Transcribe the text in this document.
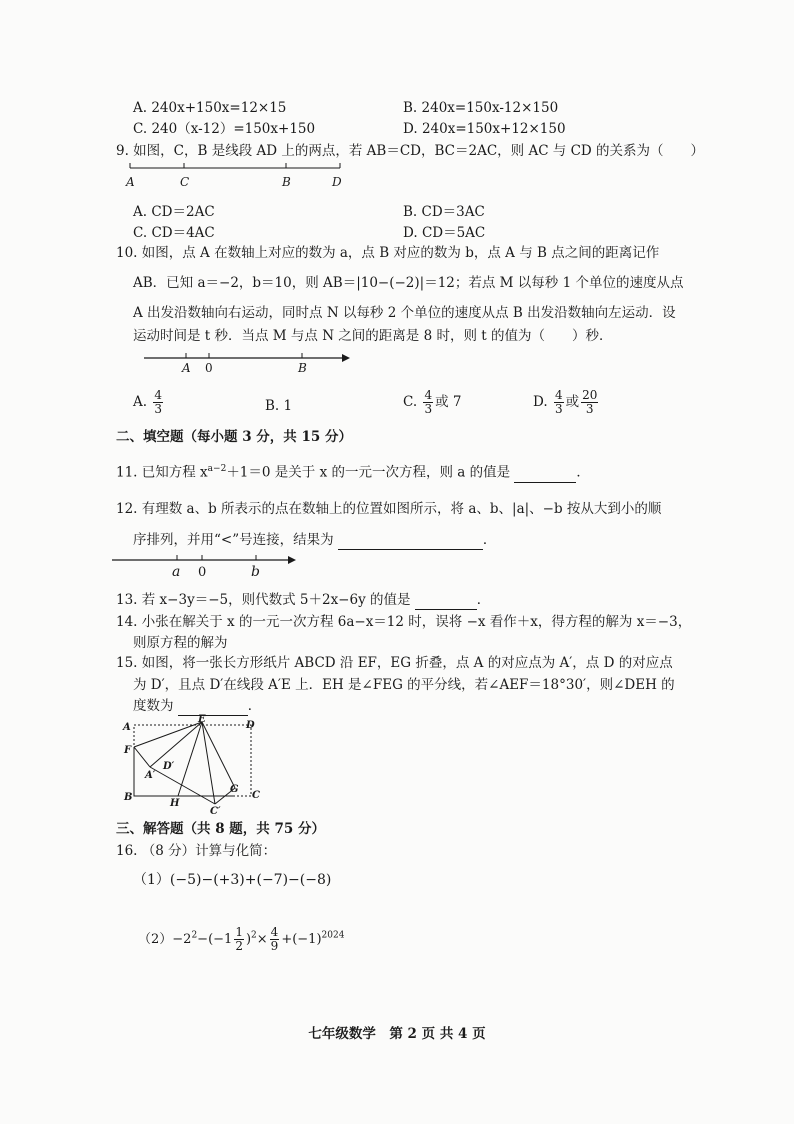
A. 240x+150x=12×15	B. 240x=150x-12×150
C. 240（x-12）=150x+150	D. 240x=150x+12×150
9. 如图，C，B 是线段 AD 上的两点，若 AB＝CD，BC＝2AC，则 AC 与 CD 的关系为（　　）
A	C	B	D
A. CD＝2AC	B. CD＝3AC
C. CD＝4AC	D. CD＝5AC
10. 如图，点 A 在数轴上对应的数为 a，点 B 对应的数为 b，点 A 与 B 点之间的距离记作
AB．已知 a＝−2，b＝10，则 AB＝|10−(−2)|＝12；若点 M 以每秒 1 个单位的速度从点
A 出发沿数轴向右运动，同时点 N 以每秒 2 个单位的速度从点 B 出发沿数轴向左运动．设
运动时间是 t 秒．当点 M 与点 N 之间的距离是 8 时，则 t 的值为（　　）秒．
A 0	B
A. $\frac{4}{3}$	B. 1	C. $\frac{4}{3}$ 或 7	D. $\frac{4}{3}$ 或 $\frac{20}{3}$
二、填空题（每小题 3 分，共 15 分）
11. 已知方程 $x^{a-2}+1=0$ 是关于 x 的一元一次方程，则 a 的值是	．
12. 有理数 a、b 所表示的点在数轴上的位置如图所示，将 a、b、|a|、−b 按从大到小的顺
序排列，并用“<”号连接，结果为	．
a 0	b
13. 若 x−3y＝−5，则代数式 5＋2x−6y 的值是	．
14. 小张在解关于 x 的一元一次方程 6a−x＝12 时，误将 −x 看作＋x，得方程的解为 x＝−3，
则原方程的解为
15. 如图，将一张长方形纸片 ABCD 沿 EF，EG 折叠，点 A 的对应点为 A′，点 D 的对应点
为 D′，且点 D′在线段 A′E 上．EH 是∠FEG 的平分线，若∠AEF＝18°30′，则∠DEH 的
度数为	．
A
E
D
F
D′
A′
B
H
G
C
C′
三、解答题（共 8 题，共 75 分）
16. （8 分）计算与化简：
（1）(−5)−(+3)+(−7)−(−8)
$(2)-2^2-(-1 \frac{1}{2} )^2\times \frac{4}{9} +(-1)^{2024}$
七年级数学　第 2 页 共 4 页
